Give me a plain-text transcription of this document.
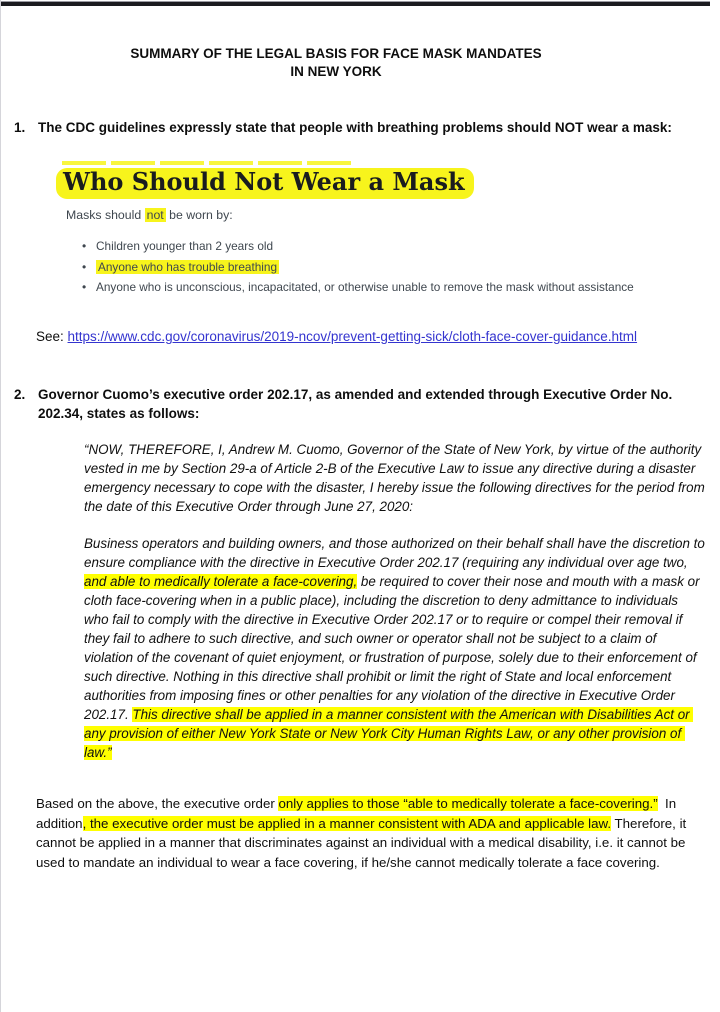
SUMMARY OF THE LEGAL BASIS FOR FACE MASK MANDATES
IN NEW YORK
1. The CDC guidelines expressly state that people with breathing problems should NOT wear a mask:
Who Should Not Wear a Mask
Masks should not be worn by:
• Children younger than 2 years old
• Anyone who has trouble breathing
• Anyone who is unconscious, incapacitated, or otherwise unable to remove the mask without assistance
See: https://www.cdc.gov/coronavirus/2019-ncov/prevent-getting-sick/cloth-face-cover-guidance.html
2. Governor Cuomo’s executive order 202.17, as amended and extended through Executive Order No. 202.34, states as follows:
“NOW, THEREFORE, I, Andrew M. Cuomo, Governor of the State of New York, by virtue of the authority vested in me by Section 29-a of Article 2-B of the Executive Law to issue any directive during a disaster emergency necessary to cope with the disaster, I hereby issue the following directives for the period from the date of this Executive Order through June 27, 2020:
Business operators and building owners, and those authorized on their behalf shall have the discretion to ensure compliance with the directive in Executive Order 202.17 (requiring any individual over age two, and able to medically tolerate a face-covering, be required to cover their nose and mouth with a mask or cloth face-covering when in a public place), including the discretion to deny admittance to individuals who fail to comply with the directive in Executive Order 202.17 or to require or compel their removal if they fail to adhere to such directive, and such owner or operator shall not be subject to a claim of violation of the covenant of quiet enjoyment, or frustration of purpose, solely due to their enforcement of such directive. Nothing in this directive shall prohibit or limit the right of State and local enforcement authorities from imposing fines or other penalties for any violation of the directive in Executive Order 202.17. This directive shall be applied in a manner consistent with the American with Disabilities Act or any provision of either New York State or New York City Human Rights Law, or any other provision of law.”
Based on the above, the executive order only applies to those “able to medically tolerate a face-covering.”  In addition, the executive order must be applied in a manner consistent with ADA and applicable law. Therefore, it cannot be applied in a manner that discriminates against an individual with a medical disability, i.e. it cannot be used to mandate an individual to wear a face covering, if he/she cannot medically tolerate a face covering.
